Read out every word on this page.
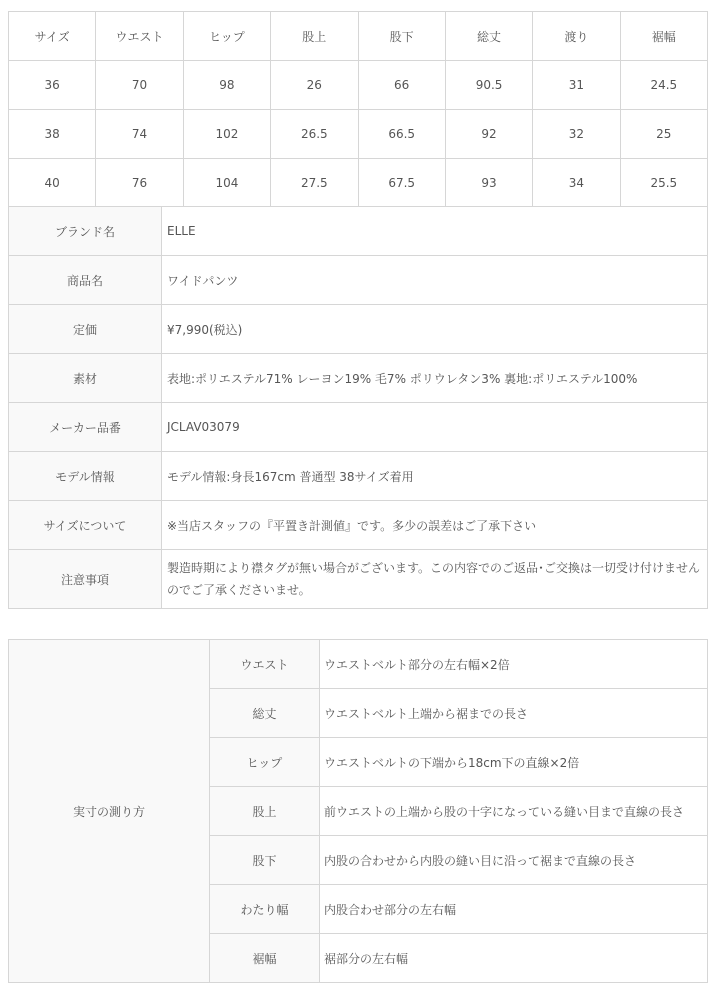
サイズ	ウエスト	ヒップ	股上	股下	総丈	渡り	裾幅
36	70	98	26	66	90.5	31	24.5
38	74	102	26.5	66.5	92	32	25
40	76	104	27.5	67.5	93	34	25.5
ブランド名	ELLE
商品名	ワイドパンツ
定価	¥7,990(税込)
素材	表地:ポリエステル71% レーヨン19% 毛7% ポリウレタン3% 裏地:ポリエステル100%
メーカー品番	JCLAV03079
モデル情報	モデル情報:身長167cm 普通型 38サイズ着用
サイズについて	※当店スタッフの『平置き計測値』です。多少の誤差はご了承下さい
注意事項	製造時期により襟タグが無い場合がございます。この内容でのご返品･ご交換は一切受け付けませんのでご了承くださいませ。
実寸の測り方	ウエスト	ウエストベルト部分の左右幅×2倍
	総丈	ウエストベルト上端から裾までの長さ
	ヒップ	ウエストベルトの下端から18cm下の直線×2倍
	股上	前ウエストの上端から股の十字になっている縫い目まで直線の長さ
	股下	内股の合わせから内股の縫い目に沿って裾まで直線の長さ
	わたり幅	内股合わせ部分の左右幅
	裾幅	裾部分の左右幅
